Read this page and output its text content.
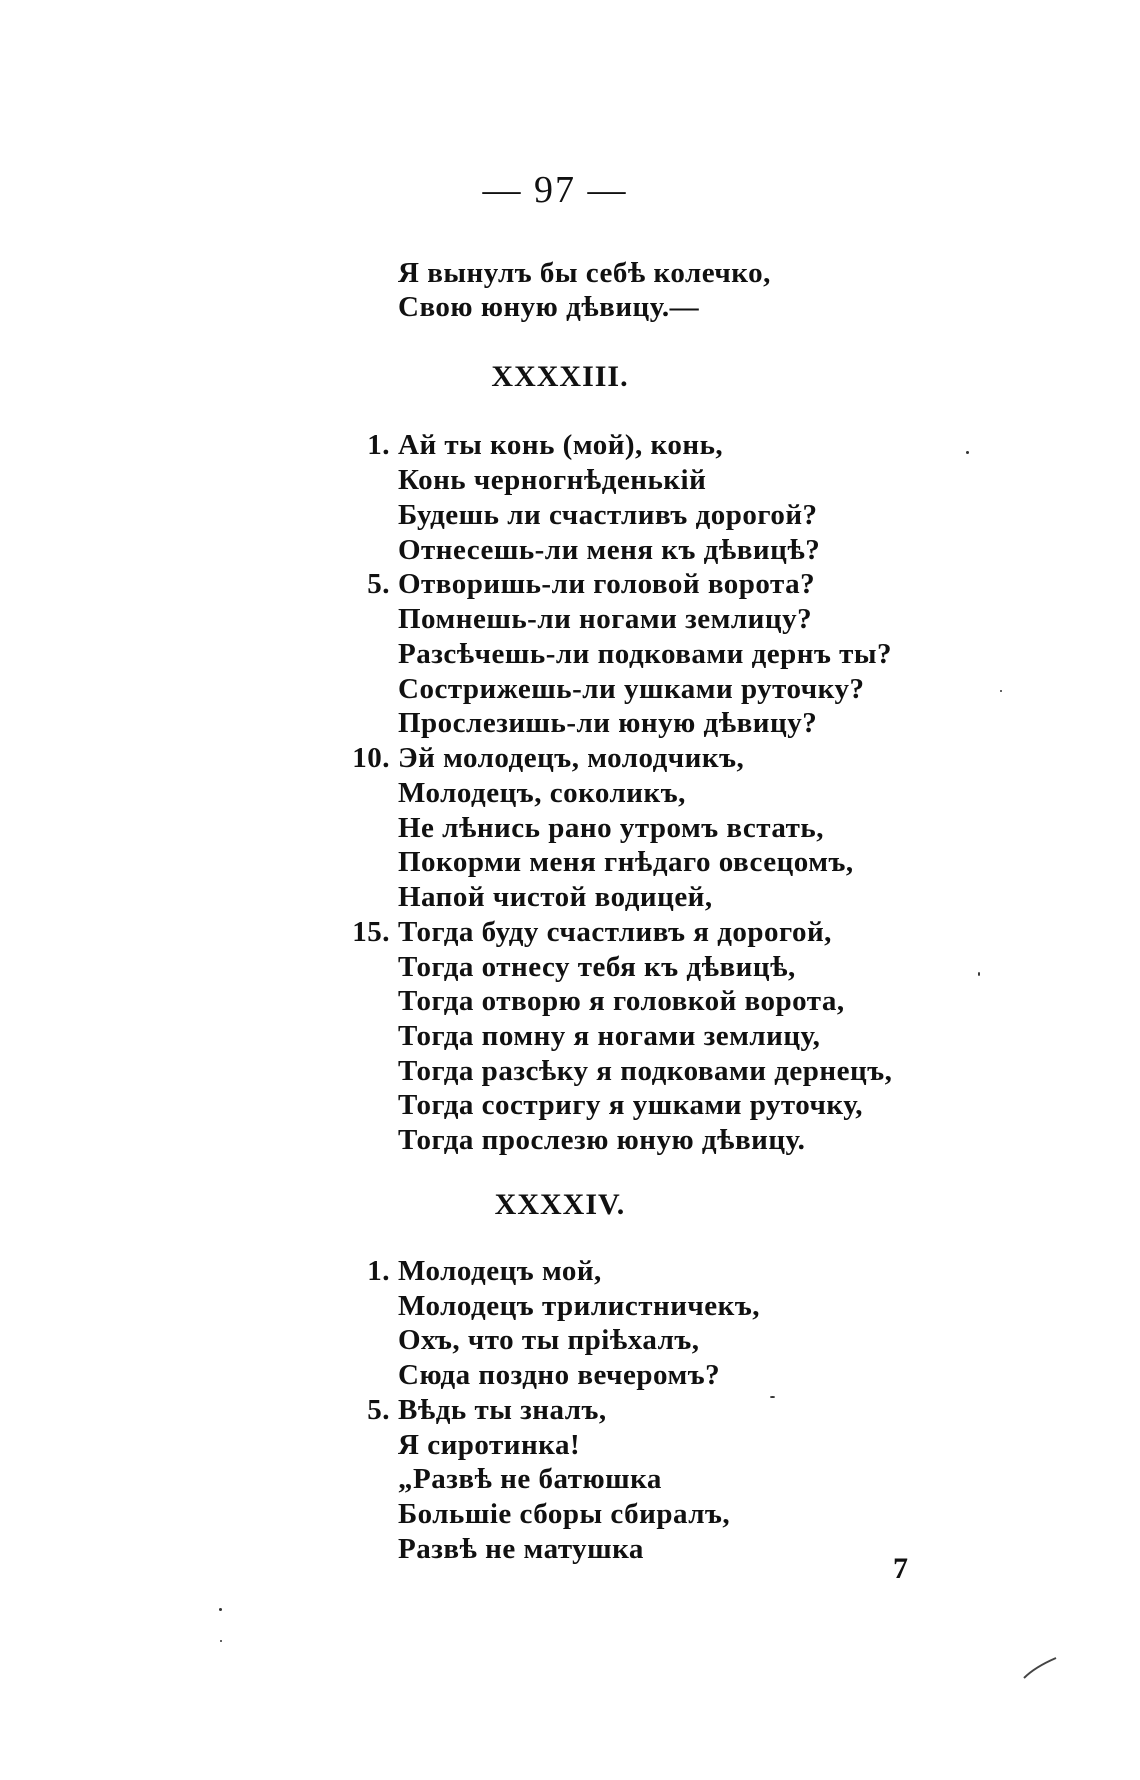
— 97 —
Я вынулъ бы себѣ колечко,
Свою юную дѣвицу.—
XXXXIII.
1. Ай ты конь (мой), конь,
Конь черногнѣденькій
Будешь ли счастливъ дорогой?
Отнесешь-ли меня къ дѣвицѣ?
5. Отворишь-ли головой ворота?
Помнешь-ли ногами землицу?
Разсѣчешь-ли подковами дернъ ты?
Сострижешь-ли ушками руточку?
Прослезишь-ли юную дѣвицу?
10. Эй молодецъ, молодчикъ,
Молодецъ, соколикъ,
Не лѣнись рано утромъ встать,
Покорми меня гнѣдаго овсецомъ,
Напой чистой водицей,
15. Тогда буду счастливъ я дорогой,
Тогда отнесу тебя къ дѣвицѣ,
Тогда отворю я головкой ворота,
Тогда помну я ногами землицу,
Тогда разсѣку я подковами дернецъ,
Тогда состригу я ушками руточку,
Тогда прослезю юную дѣвицу.
XXXXIV.
1. Молодецъ мой,
Молодецъ трилистничекъ,
Охъ, что ты пріѣхалъ,
Сюда поздно вечеромъ?
5. Вѣдь ты зналъ,
Я сиротинка!
„Развѣ не батюшка
Большіе сборы сбиралъ,
Развѣ не матушка
7
